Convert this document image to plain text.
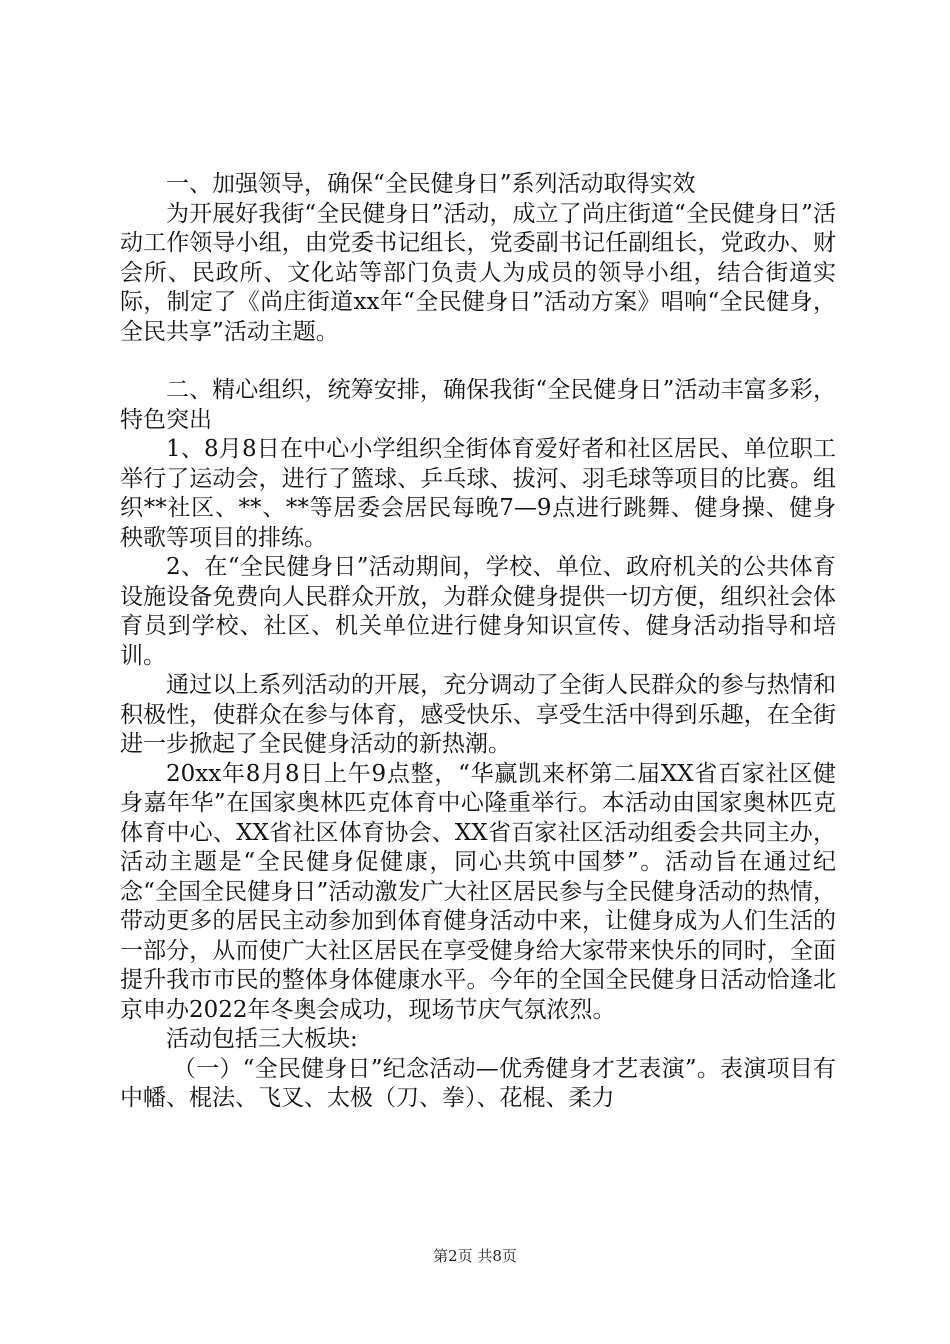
一、加强领导，确保“全民健身日”系列活动取得实效

为开展好我街“全民健身日”活动，成立了尚庄街道“全民健身日”活动工作领导小组，由党委书记组长，党委副书记任副组长，党政办、财会所、民政所、文化站等部门负责人为成员的领导小组，结合街道实际，制定了《尚庄街道xx年“全民健身日”活动方案》唱响“全民健身，全民共享”活动主题。

二、精心组织，统筹安排，确保我街“全民健身日”活动丰富多彩，特色突出

1、8月8日在中心小学组织全街体育爱好者和社区居民、单位职工举行了运动会，进行了篮球、乒乓球、拔河、羽毛球等项目的比赛。组织**社区、**、**等居委会居民每晚7—9点进行跳舞、健身操、健身秧歌等项目的排练。

2、在“全民健身日”活动期间，学校、单位、政府机关的公共体育设施设备免费向人民群众开放，为群众健身提供一切方便，组织社会体育员到学校、社区、机关单位进行健身知识宣传、健身活动指导和培训。

通过以上系列活动的开展，充分调动了全街人民群众的参与热情和积极性，使群众在参与体育，感受快乐、享受生活中得到乐趣，在全街进一步掀起了全民健身活动的新热潮。

20xx年8月8日上午9点整，“华赢凯来杯第二届XX省百家社区健身嘉年华”在国家奥林匹克体育中心隆重举行。本活动由国家奥林匹克体育中心、XX省社区体育协会、XX省百家社区活动组委会共同主办，活动主题是“全民健身促健康，同心共筑中国梦”。活动旨在通过纪念“全国全民健身日”活动激发广大社区居民参与全民健身活动的热情，带动更多的居民主动参加到体育健身活动中来，让健身成为人们生活的一部分，从而使广大社区居民在享受健身给大家带来快乐的同时，全面提升我市市民的整体身体健康水平。今年的全国全民健身日活动恰逢北京申办2022年冬奥会成功，现场节庆气氛浓烈。

活动包括三大板块:

（一）“全民健身日”纪念活动—优秀健身才艺表演”。表演项目有中幡、棍法、飞叉、太极（刀、拳）、花棍、柔力

第2页 共8页
